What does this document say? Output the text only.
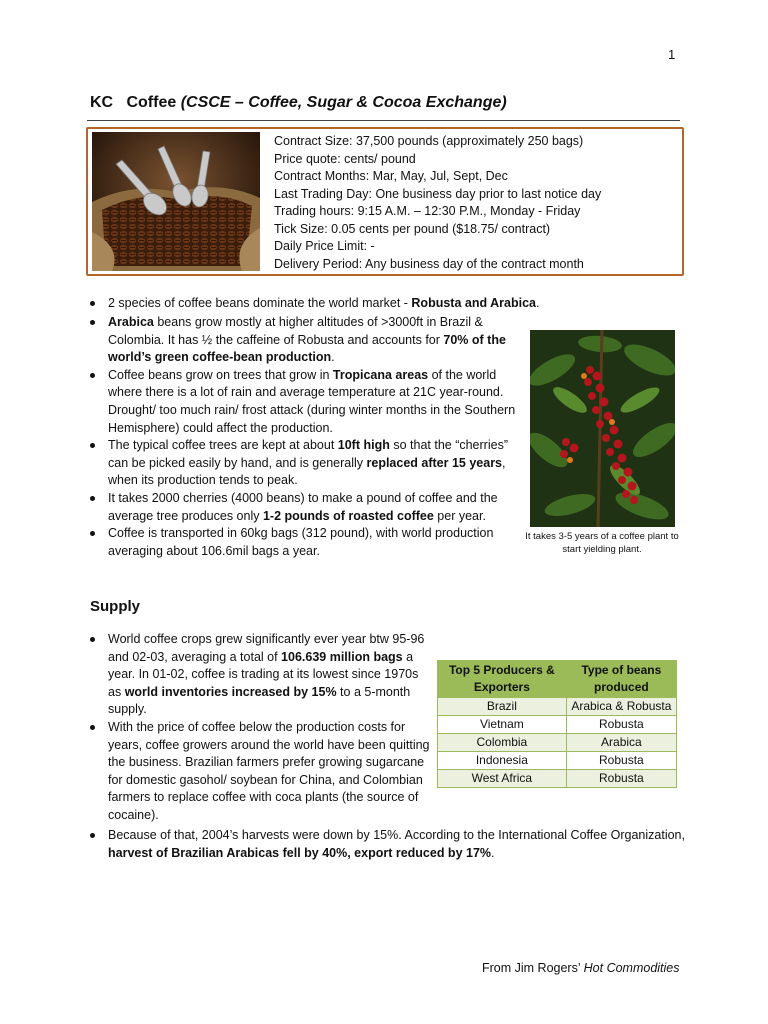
1
KC Coffee (CSCE – Coffee, Sugar & Cocoa Exchange)
Contract Size: 37,500 pounds (approximately 250 bags)
Price quote: cents/ pound
Contract Months: Mar, May, Jul, Sept, Dec
Last Trading Day: One business day prior to last notice day
Trading hours: 9:15 A.M. – 12:30 P.M., Monday - Friday
Tick Size: 0.05 cents per pound ($18.75/ contract)
Daily Price Limit: -
Delivery Period: Any business day of the contract month
2 species of coffee beans dominate the world market - Robusta and Arabica.
Arabica beans grow mostly at higher altitudes of >3000ft in Brazil & Colombia. It has ½ the caffeine of Robusta and accounts for 70% of the world’s green coffee-bean production.
Coffee beans grow on trees that grow in Tropicana areas of the world where there is a lot of rain and average temperature at 21C year-round. Drought/ too much rain/ frost attack (during winter months in the Southern Hemisphere) could affect the production.
The typical coffee trees are kept at about 10ft high so that the “cherries” can be picked easily by hand, and is generally replaced after 15 years, when its production tends to peak.
It takes 2000 cherries (4000 beans) to make a pound of coffee and the average tree produces only 1-2 pounds of roasted coffee per year.
Coffee is transported in 60kg bags (312 pound), with world production averaging about 106.6mil bags a year.
It takes 3-5 years of a coffee plant to start yielding plant.
Supply
World coffee crops grew significantly ever year btw 95-96 and 02-03, averaging a total of 106.639 million bags a year. In 01-02, coffee is trading at its lowest since 1970s as world inventories increased by 15% to a 5-month supply.
With the price of coffee below the production costs for years, coffee growers around the world have been quitting the business. Brazilian farmers prefer growing sugarcane for domestic gasohol/ soybean for China, and Colombian farmers to replace coffee with coca plants (the source of cocaine).
Top 5 Producers & Exporters	Type of beans produced
Brazil	Arabica & Robusta
Vietnam	Robusta
Colombia	Arabica
Indonesia	Robusta
West Africa	Robusta
Because of that, 2004’s harvests were down by 15%. According to the International Coffee Organization, harvest of Brazilian Arabicas fell by 40%, export reduced by 17%.
From Jim Rogers’ Hot Commodities
